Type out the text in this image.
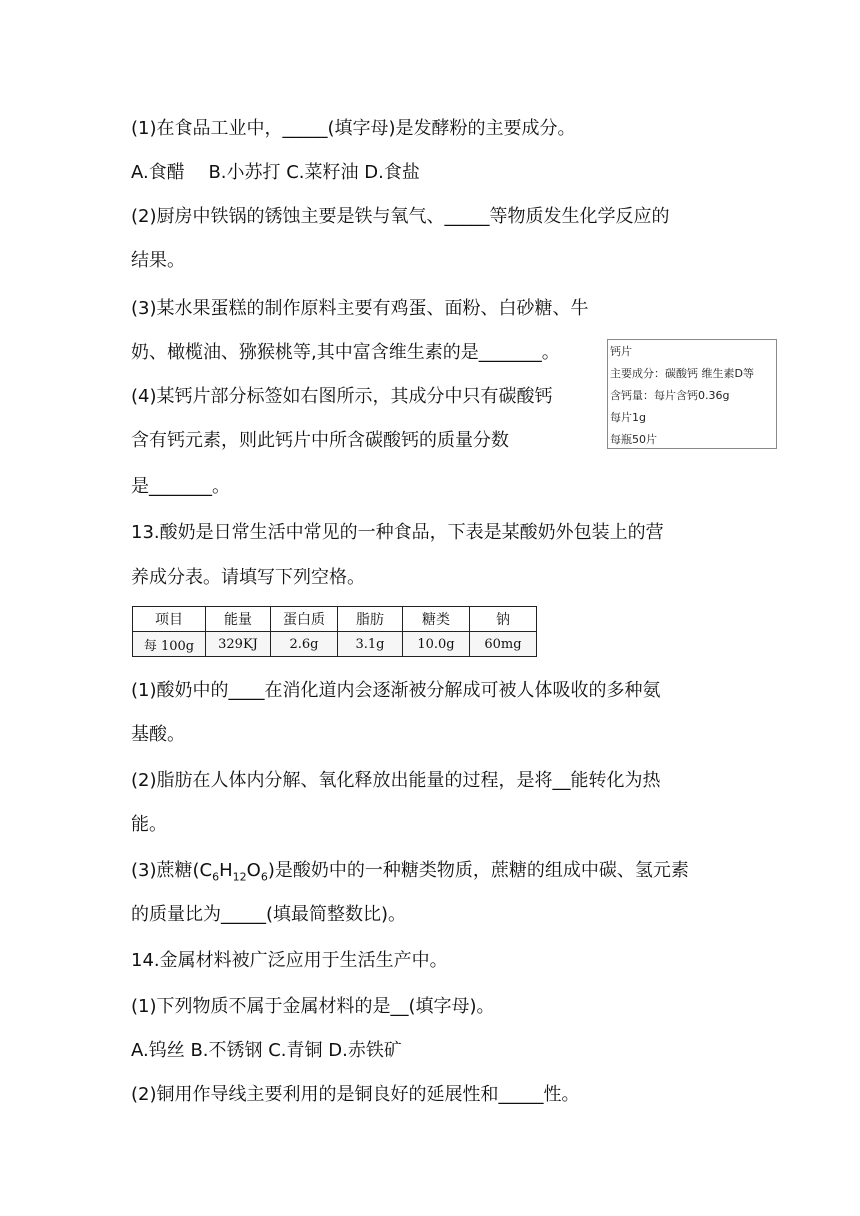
(1)在食品工业中，_____(填字母)是发酵粉的主要成分。
A.食醋　 B.小苏打 C.菜籽油 D.食盐
(2)厨房中铁锅的锈蚀主要是铁与氧气、_____等物质发生化学反应的
结果。
(3)某水果蛋糕的制作原料主要有鸡蛋、面粉、白砂糖、牛
奶、橄榄油、猕猴桃等,其中富含维生素的是_______。
(4)某钙片部分标签如右图所示，其成分中只有碳酸钙
含有钙元素，则此钙片中所含碳酸钙的质量分数
是_______。
钙片
主要成分：碳酸钙 维生素D等
含钙量：每片含钙0.36g
每片1g
每瓶50片
13.酸奶是日常生活中常见的一种食品，下表是某酸奶外包装上的营
养成分表。请填写下列空格。
项目	能量	蛋白质	脂肪	糖类	钠
每 100g	329KJ	2.6g	3.1g	10.0g	60mg
(1)酸奶中的____在消化道内会逐渐被分解成可被人体吸收的多种氨
基酸。
(2)脂肪在人体内分解、氧化释放出能量的过程，是将__能转化为热
能。
(3)蔗糖$(C_6H_{12}O_6)$是酸奶中的一种糖类物质，蔗糖的组成中碳、氢元素
的质量比为_____(填最简整数比)。
14.金属材料被广泛应用于生活生产中。
(1)下列物质不属于金属材料的是__(填字母)。
A.钨丝 B.不锈钢 C.青铜 D.赤铁矿
(2)铜用作导线主要利用的是铜良好的延展性和_____性。
